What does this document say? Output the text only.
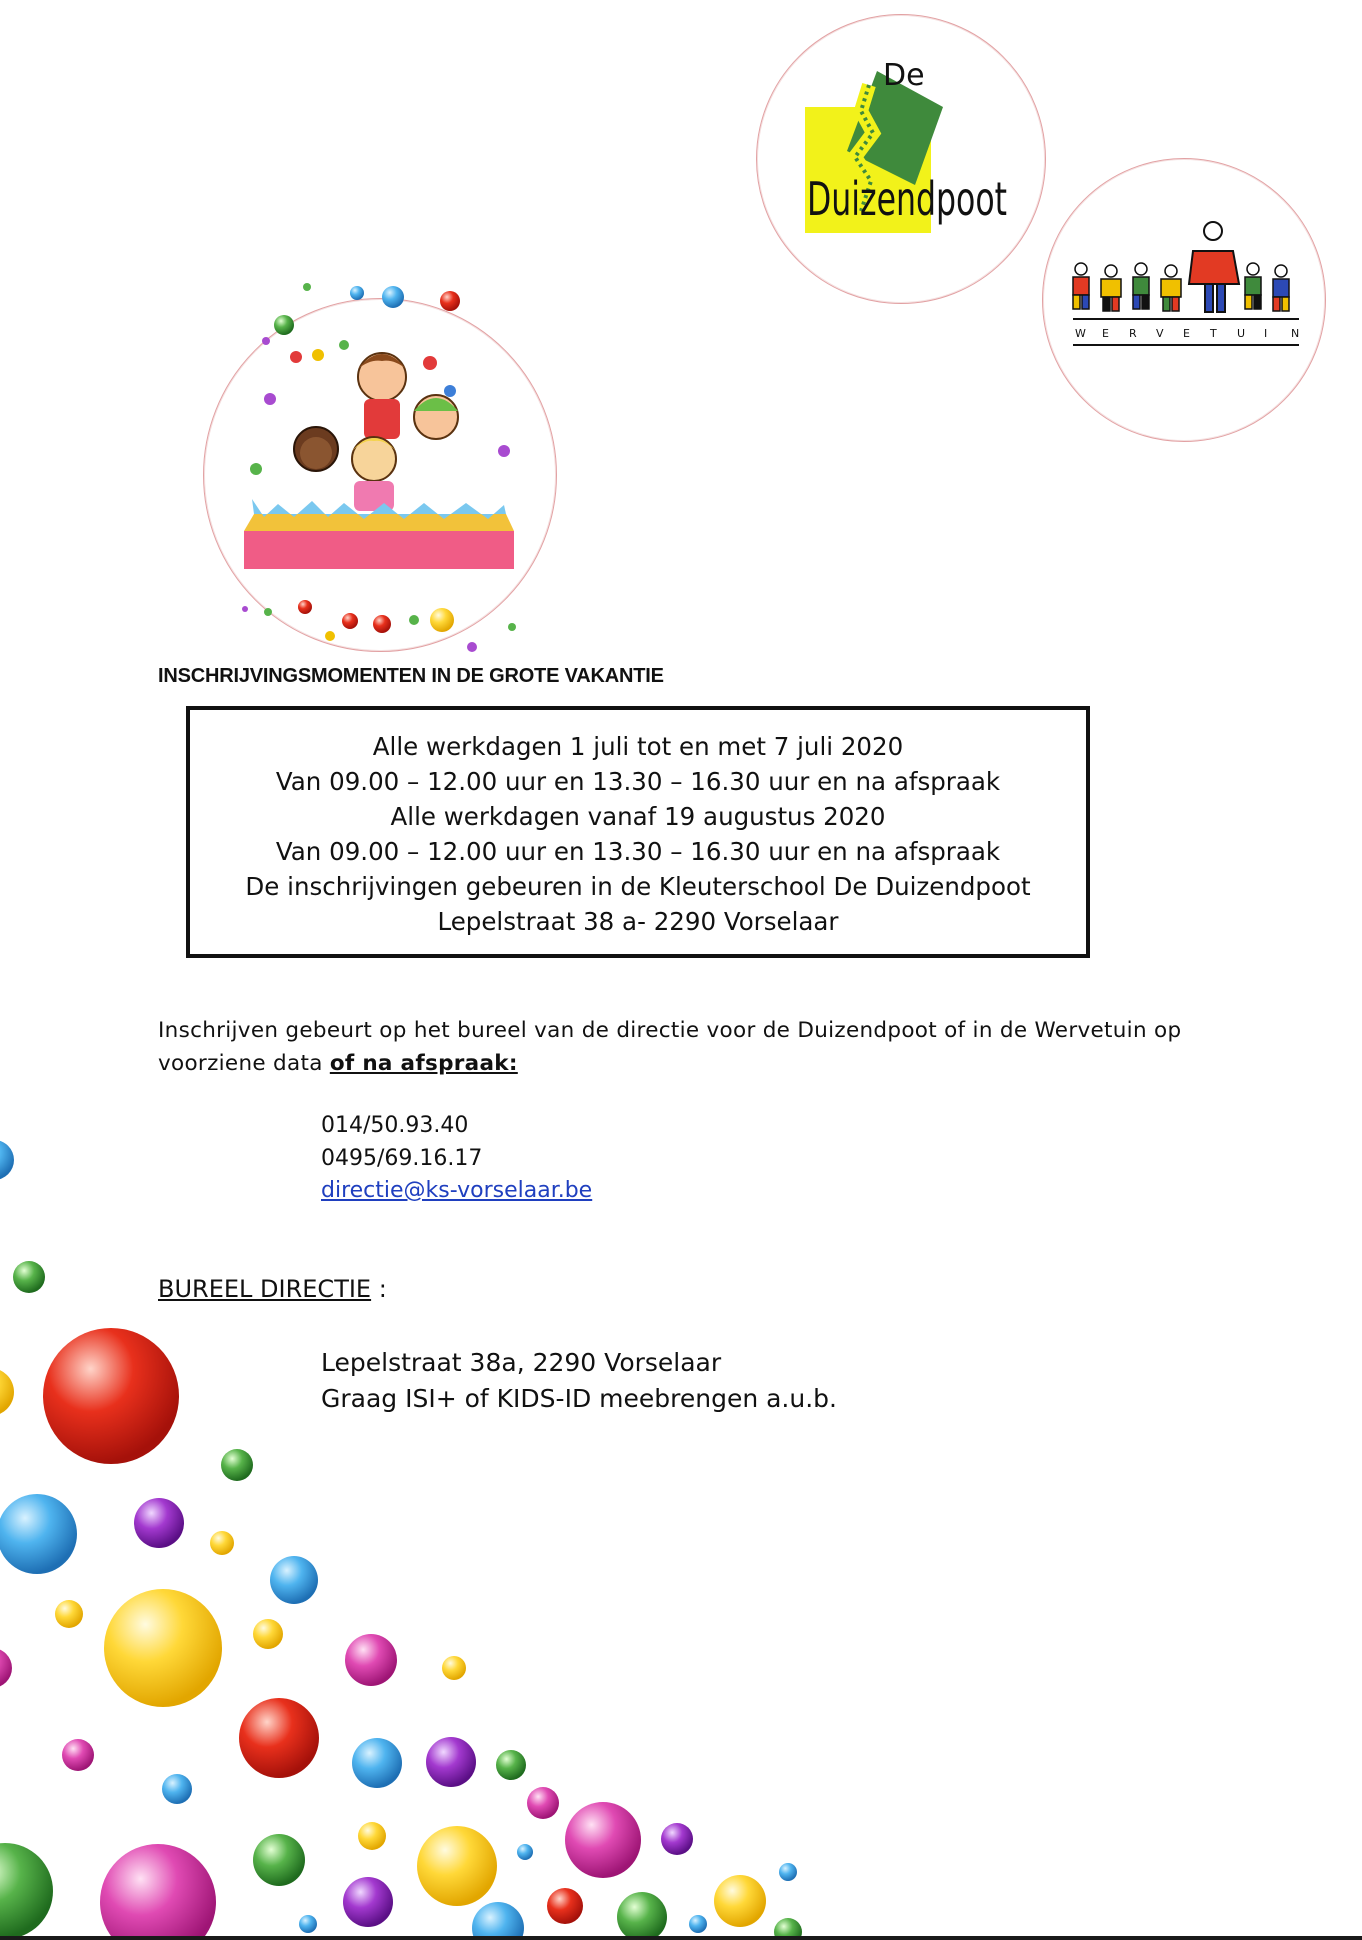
De
Duizendpoot
W E R V E T U I N
INSCHRIJVINGSMOMENTEN IN DE GROTE VAKANTIE
Alle werkdagen 1 juli tot en met 7 juli 2020
Van 09.00 – 12.00 uur en 13.30 – 16.30 uur en na afspraak
Alle werkdagen vanaf 19 augustus 2020
Van 09.00 – 12.00 uur en 13.30 – 16.30 uur en na afspraak
De inschrijvingen gebeuren in de Kleuterschool De Duizendpoot
Lepelstraat 38 a- 2290 Vorselaar
Inschrijven gebeurt op het bureel van de directie voor de Duizendpoot of in de Wervetuin op
voorziene data of na afspraak:
014/50.93.40
0495/69.16.17
directie@ks-vorselaar.be
BUREEL DIRECTIE :
Lepelstraat 38a, 2290 Vorselaar
Graag ISI+ of KIDS-ID meebrengen a.u.b.
